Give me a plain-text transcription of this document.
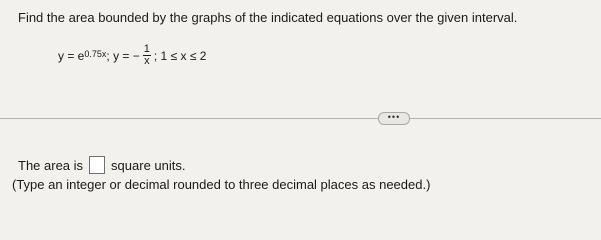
Find the area bounded by the graphs of the indicated equations over the given interval.
$y = e^{0.75x}$ ;
y = − $\frac{1}{x}$ ; 1 ≤ x ≤ 2
•••
The area is square units.
(Type an integer or decimal rounded to three decimal places as needed.)
